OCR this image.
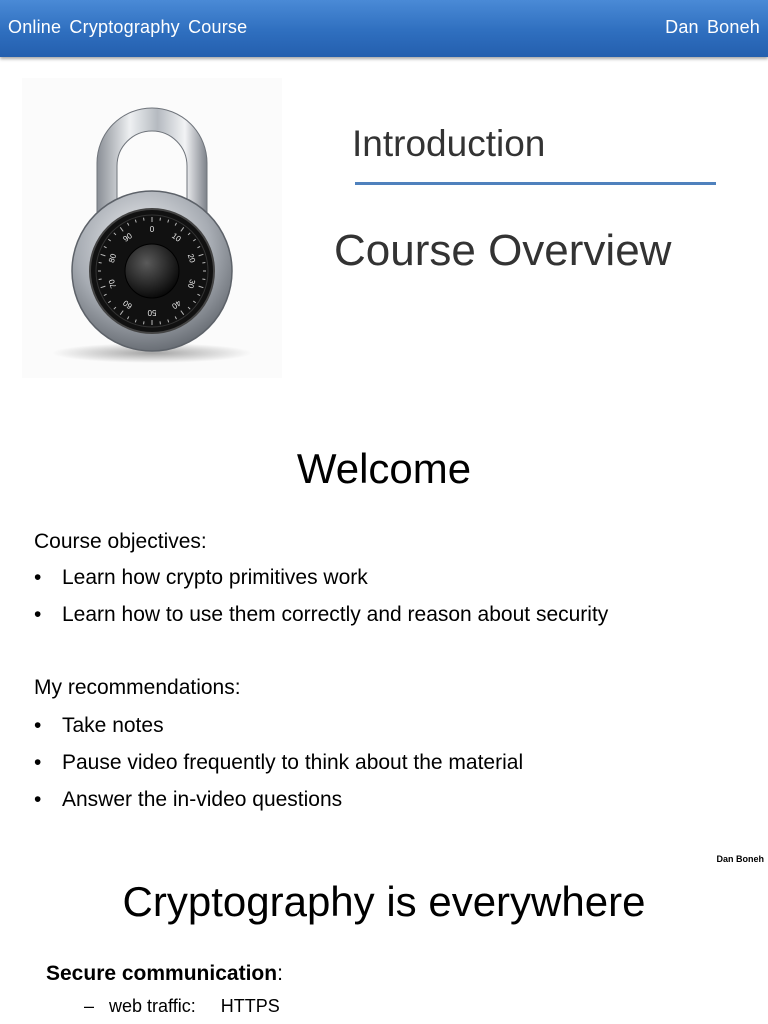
Online Cryptography Course	Dan Boneh
0
10
20
30
40
50
60
70
80
90
Introduction
Course Overview
Welcome
Course objectives:
• Learn how crypto primitives work
• Learn how to use them correctly and reason about security
My recommendations:
• Take notes
• Pause video frequently to think about the material
• Answer the in-video questions
Dan Boneh
Cryptography is everywhere
Secure communication:
– web traffic: HTTPS
